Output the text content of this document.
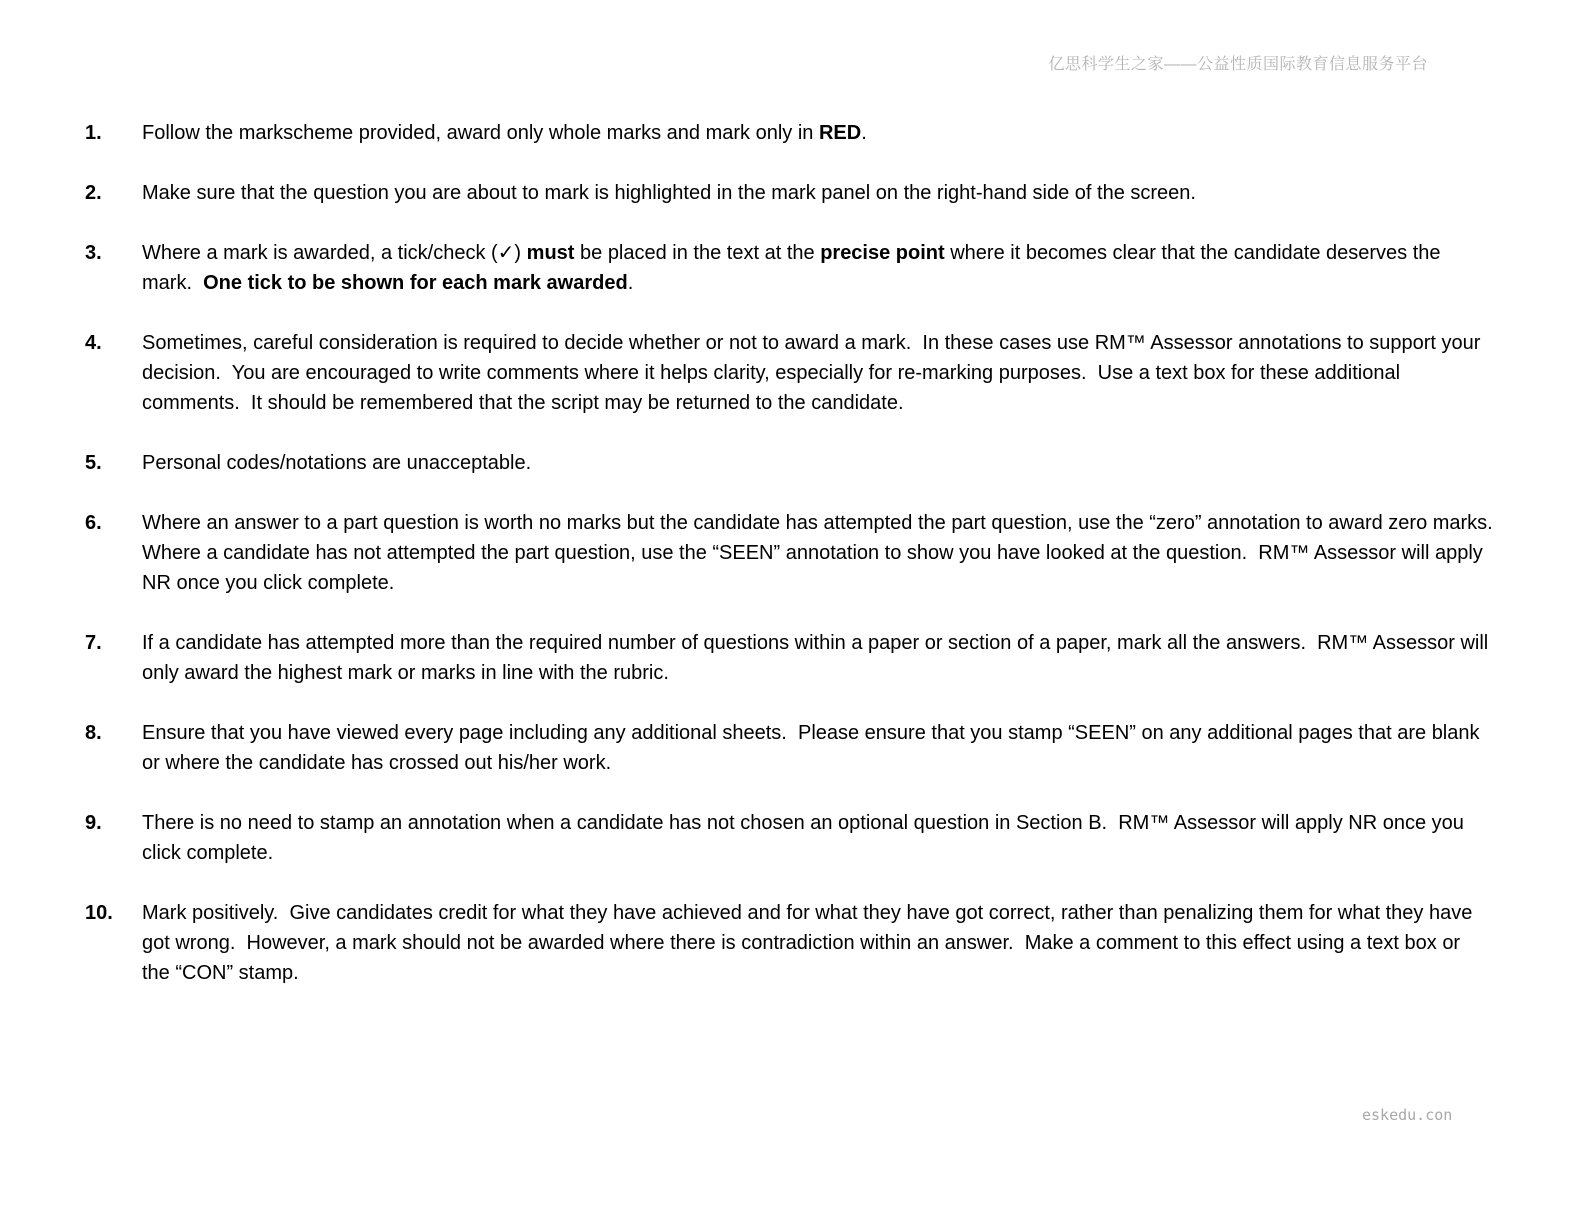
亿思科学生之家——公益性质国际教育信息服务平台
1.	Follow the markscheme provided, award only whole marks and mark only in RED.
2.	Make sure that the question you are about to mark is highlighted in the mark panel on the right-hand side of the screen.
3.	Where a mark is awarded, a tick/check (✓) must be placed in the text at the precise point where it becomes clear that the candidate deserves the mark.  One tick to be shown for each mark awarded.
4.	Sometimes, careful consideration is required to decide whether or not to award a mark.  In these cases use RM™ Assessor annotations to support your decision.  You are encouraged to write comments where it helps clarity, especially for re-marking purposes.  Use a text box for these additional comments.  It should be remembered that the script may be returned to the candidate.
5.	Personal codes/notations are unacceptable.
6.	Where an answer to a part question is worth no marks but the candidate has attempted the part question, use the “zero” annotation to award zero marks.  Where a candidate has not attempted the part question, use the “SEEN” annotation to show you have looked at the question.  RM™ Assessor will apply NR once you click complete.
7.	If a candidate has attempted more than the required number of questions within a paper or section of a paper, mark all the answers.  RM™ Assessor will only award the highest mark or marks in line with the rubric.
8.	Ensure that you have viewed every page including any additional sheets.  Please ensure that you stamp “SEEN” on any additional pages that are blank or where the candidate has crossed out his/her work.
9.	There is no need to stamp an annotation when a candidate has not chosen an optional question in Section B.  RM™ Assessor will apply NR once you click complete.
10.	Mark positively.  Give candidates credit for what they have achieved and for what they have got correct, rather than penalizing them for what they have got wrong.  However, a mark should not be awarded where there is contradiction within an answer.  Make a comment to this effect using a text box or the “CON” stamp.
eskedu.con
